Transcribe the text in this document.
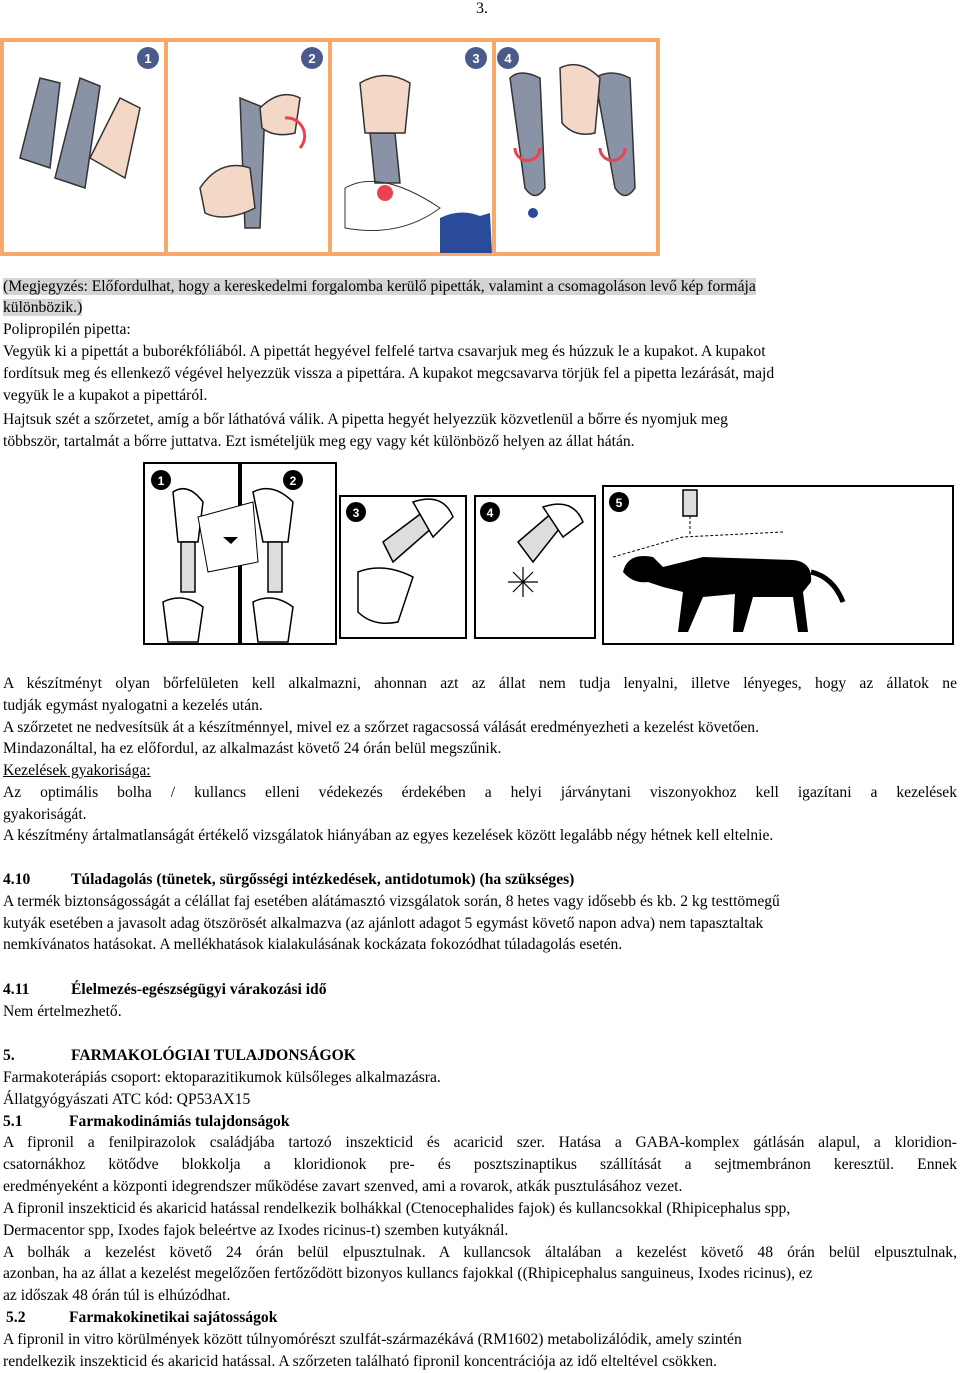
3.
1	2	3 4
(Megjegyzés: Előfordulhat, hogy a kereskedelmi forgalomba kerülő pipetták, valamint a csomagoláson levő kép formája
különbözik.)
Polipropilén pipetta:
Vegyük ki a pipettát a buborékfóliából. A pipettát hegyével felfelé tartva csavarjuk meg és húzzuk le a kupakot. A kupakot
fordítsuk meg és ellenkező végével helyezzük vissza a pipettára. A kupakot megcsavarva törjük fel a pipetta lezárását, majd
vegyük le a kupakot a pipettáról.
Hajtsuk szét a szőrzetet, amíg a bőr láthatóvá válik. A pipetta hegyét helyezzük közvetlenül a bőrre és nyomjuk meg
többször, tartalmát a bőrre juttatva. Ezt ismételjük meg egy vagy két különböző helyen az állat hátán.
1	2
3	4
5
A készítményt olyan bőrfelületen kell alkalmazni, ahonnan azt az állat nem tudja lenyalni, illetve lényeges, hogy az állatok ne
tudják egymást nyalogatni a kezelés után.
A szőrzetet ne nedvesítsük át a készítménnyel, mivel ez a szőrzet ragacsossá válását eredményezheti a kezelést követően.
Mindazonáltal, ha ez előfordul, az alkalmazást követő 24 órán belül megszűnik.
Kezelések gyakorisága:
Az optimális bolha / kullancs elleni védekezés érdekében a helyi járványtani viszonyokhoz kell igazítani a kezelések
gyakoriságát.
A készítmény ártalmatlanságát értékelő vizsgálatok hiányában az egyes kezelések között legalább négy hétnek kell eltelnie.
4.10	Túladagolás (tünetek, sürgősségi intézkedések, antidotumok) (ha szükséges)
A termék biztonságosságát a célállat faj esetében alátámasztó vizsgálatok során, 8 hetes vagy idősebb és kb. 2 kg testtömegű
kutyák esetében a javasolt adag ötszörösét alkalmazva (az ajánlott adagot 5 egymást követő napon adva) nem tapasztaltak
nemkívánatos hatásokat. A mellékhatások kialakulásának kockázata fokozódhat túladagolás esetén.
4.11	Élelmezés-egészségügyi várakozási idő
Nem értelmezhető.
5.	FARMAKOLÓGIAI TULAJDONSÁGOK
Farmakoterápiás csoport: ektoparazitikumok külsőleges alkalmazásra.
Állatgyógyászati ATC kód: QP53AX15
5.1	Farmakodinámiás tulajdonságok
A fipronil a fenilpirazolok családjába tartozó inszekticid és acaricid szer. Hatása a GABA-komplex gátlásán alapul, a kloridion-
csatornákhoz kötődve blokkolja a kloridionok pre- és posztszinaptikus szállítását a sejtmembránon keresztül. Ennek
eredményeként a központi idegrendszer működése zavart szenved, ami a rovarok, atkák pusztulásához vezet.
A fipronil inszekticid és akaricid hatással rendelkezik bolhákkal (Ctenocephalides fajok) és kullancsokkal (Rhipicephalus spp,
Dermacentor spp, Ixodes fajok beleértve az Ixodes ricinus-t) szemben kutyáknál.
A bolhák a kezelést követő 24 órán belül elpusztulnak. A kullancsok általában a kezelést követő 48 órán belül elpusztulnak,
azonban, ha az állat a kezelést megelőzően fertőződött bizonyos kullancs fajokkal ((Rhipicephalus sanguineus, Ixodes ricinus), ez
az időszak 48 órán túl is elhúzódhat.
5.2	Farmakokinetikai sajátosságok
A fipronil in vitro körülmények között túlnyomórészt szulfát-származékává (RM1602) metabolizálódik, amely szintén
rendelkezik inszekticid és akaricid hatással. A szőrzeten található fipronil koncentrációja az idő elteltével csökken.
